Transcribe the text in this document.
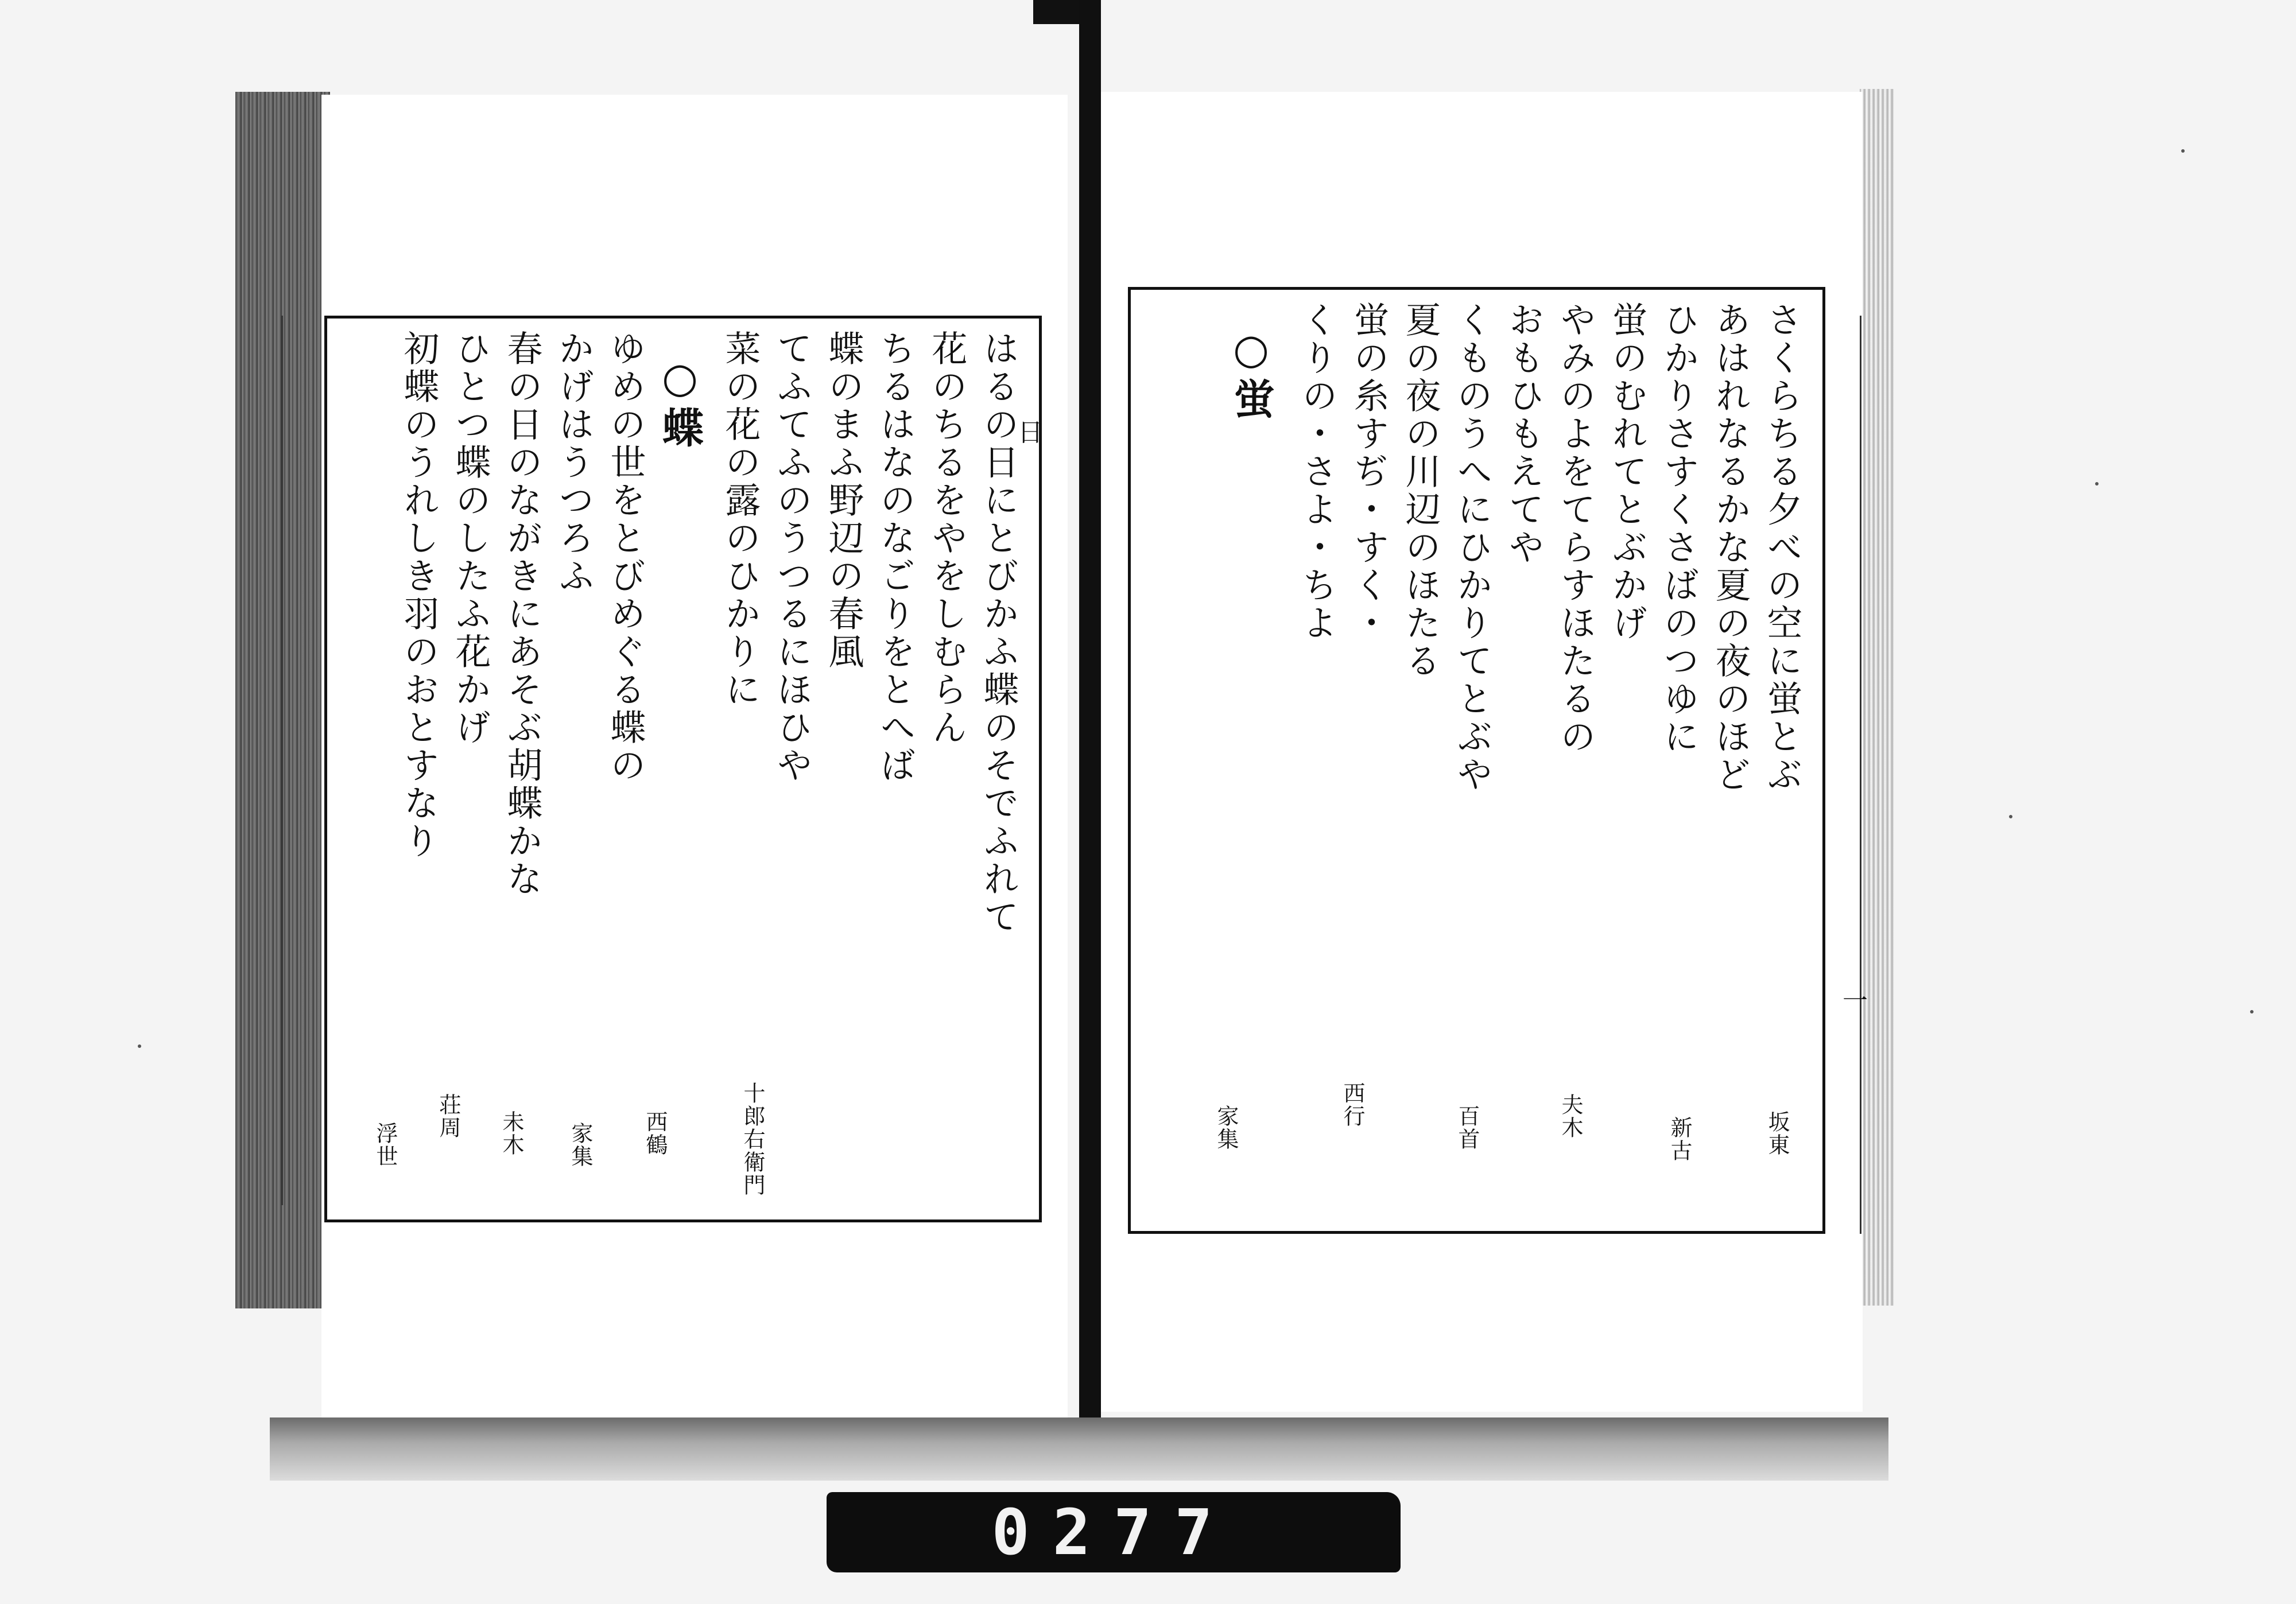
はるの日にとびかふ蝶のそでふれて
花のちるをやをしむらん
ちるはなのなごりをとへば
蝶のまふ野辺の春風
てふてふのうつるにほひや
菜の花の露のひかりに
○蝶
ゆめの世をとびめぐる蝶の
かげはうつろふ
春の日のながきにあそぶ胡蝶かな
ひとつ蝶のしたふ花かげ
初蝶のうれしき羽のおとすなり
十郎右衛門
西鶴
家集
未木
荘周
浮世
さくらちる夕べの空に蛍とぶ
あはれなるかな夏の夜のほど
ひかりさすくさばのつゆに
蛍のむれてとぶかげ
やみのよをてらすほたるの
おもひもえてや
くものうへにひかりてとぶや
夏の夜の川辺のほたる
蛍の糸すぢ・すく・
くりの・さよ・ちよ
○蛍
坂東
新古
夫木
百首
西行
家集
日
一
0277
